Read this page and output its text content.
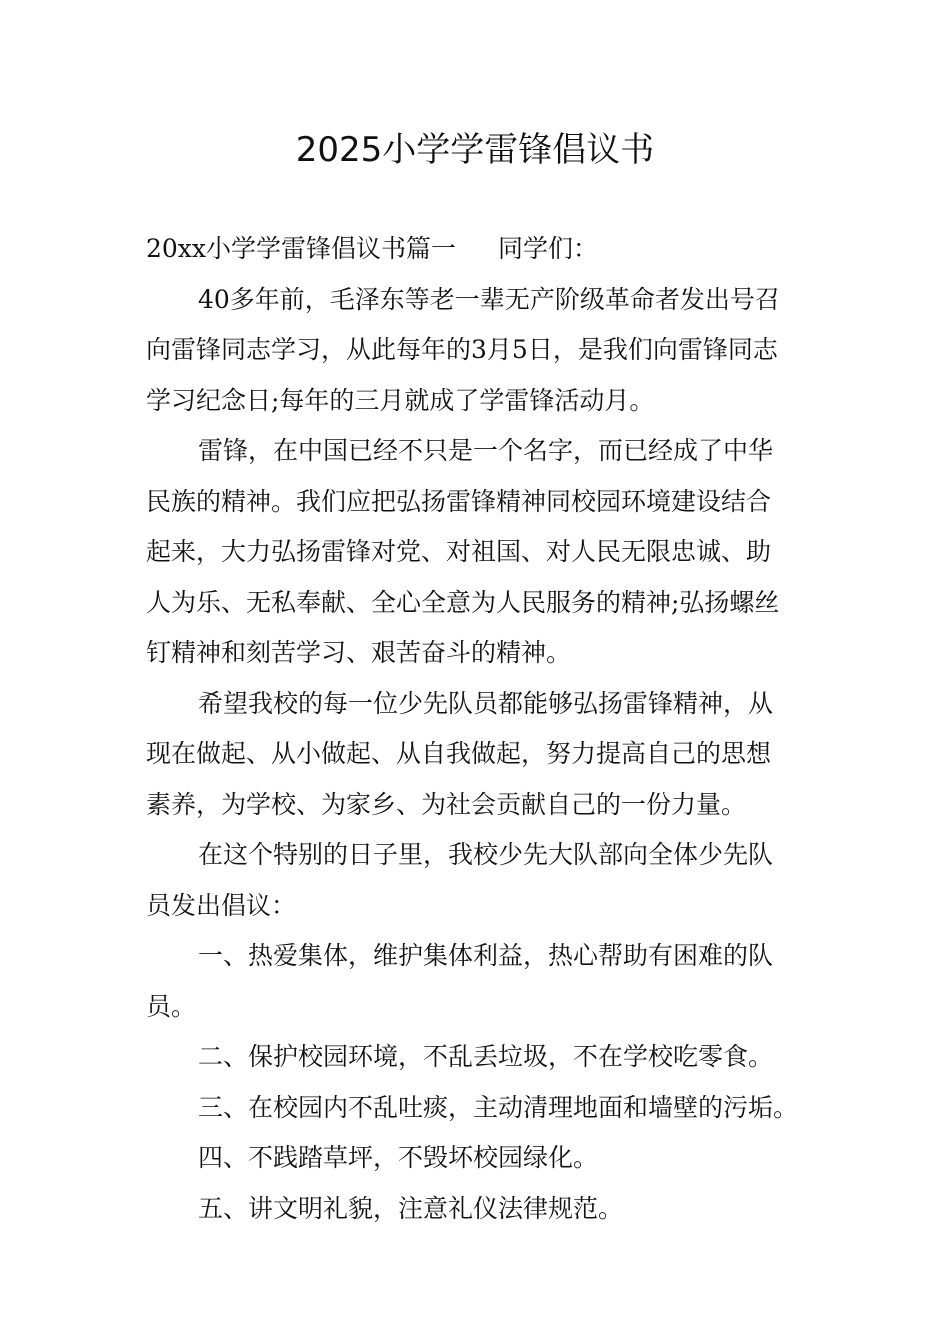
2025小学学雷锋倡议书

20xx小学学雷锋倡议书篇一 同学们：

40多年前，毛泽东等老一辈无产阶级革命者发出号召

向雷锋同志学习，从此每年的3月5日，是我们向雷锋同志

学习纪念日;每年的三月就成了学雷锋活动月。

雷锋，在中国已经不只是一个名字，而已经成了中华

民族的精神。我们应把弘扬雷锋精神同校园环境建设结合

起来，大力弘扬雷锋对党、对祖国、对人民无限忠诚、助

人为乐、无私奉献、全心全意为人民服务的精神;弘扬螺丝

钉精神和刻苦学习、艰苦奋斗的精神。

希望我校的每一位少先队员都能够弘扬雷锋精神，从

现在做起、从小做起、从自我做起，努力提高自己的思想

素养，为学校、为家乡、为社会贡献自己的一份力量。

在这个特别的日子里，我校少先大队部向全体少先队

员发出倡议：

一、热爱集体，维护集体利益，热心帮助有困难的队

员。

二、保护校园环境，不乱丢垃圾，不在学校吃零食。

三、在校园内不乱吐痰，主动清理地面和墙壁的污垢。

四、不践踏草坪，不毁坏校园绿化。

五、讲文明礼貌，注意礼仪法律规范。
